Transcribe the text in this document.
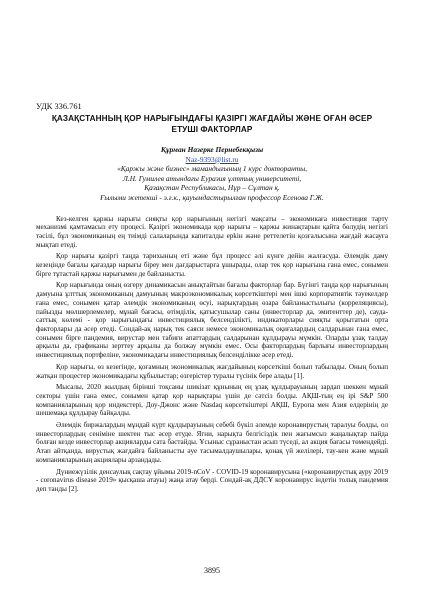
УДК 336.761
ҚАЗАҚСТАННЫҢ ҚОР НАРЫҒЫНДАҒЫ ҚАЗІРГІ ЖАҒДАЙЫ ЖӘНЕ ОҒАН ӘСЕР
ЕТУШІ ФАКТОРЛАР
Құрман Назерке Пернебекқызы
Naz-9393@list.ru
«Қаржы және бизнес» мамандығының 1 курс докторанты,
Л.Н. Гумилев атындағы Еуразия ұлттық университеті,
Қазақстан Республикасы, Нұр – Сұлтан қ.
Ғылыми жетекші - э.ғ.к., қауымдастырылған профессор Есенова Г.Ж.

Кез-келген қаржы нарығы сияқты қор нарығының негізгі мақсаты – экономикаға инвестиция тарту механизмі қамтамасыз ету процесі. Қазіргі экономикада қор нарығы – қаржы жинақтарын қайта бөлудің негізгі тәсілі, бұл экономиканың ең тиімді салаларында капиталды ерkін және реттелетін қозғалысына жағдай жасауға мықтап етеді.

Қор нарығы қазіргі таңда тарихының еті және бұл процесс әлі күнге дейін жалғасуда. Әлемдік даму кезеңінде бағалы қағаздар нарығы біреу мен дағдарыстарға ұшырады, олар тек қор нарығына ғана емес, сонымен бірге тұтастай қаржы нарығымен де байланысты.

Қор нарығында оның өзгеру динамикасын анықтайтын бағалы факторлар бар. Бүгінгі таңда қор нарығының дамуына ұлттық экономиканың дамуының макроэкономикалық көрсеткіштері мен ішкі корпоративтік тәуекелдер ғана емес, сонымен қатар әлемдік экономиканың өсуі, нарықтардың өзара байланыстылығы (корреляциясы), пайызды мөлшерлемелер, мұнай бағасы, өтімділік, қатысушылар саны (инвесторлар да, эмитенттер де), сауда-саттық көлемі - қор нарығындағы инвестициялық белсенділікті, индикаторлары сияқты қорытатын орта факторлары да әсер етеді. Сондай-ақ нарық тек саяси немесе экономикалық оқиғалардың салдарынан ғана емес, сонымен бірге пандемия, вирустар мен табиғи апаттардың салдарынан құлдырауы мүмкін. Оларды ұзақ талдау арқылы да, графиканы зерттеу арқылы да болжау мүмкін емес. Осы факторлардың барлығы инвесторлардың инвестициялық портфеліне, экономикадағы инвестициялық белсенділікке әсер етеді.

Қор нарығы, өз кезегінде, қоғамның экономикалық жағдайының көрсеткіші болып табылады. Оның болып жатқан процестер экономикадағы құбылыстар; өзгерістер туралы түсінік бере алады [1].

Мысалы, 2020 жылдың бірінші тоқсаны шикізат құнының ең ұзақ құлдырауының зардап шеккен мұнай секторы үшін ғана емес, сонымен қатар қор нарықтары үшін де сәтсіз болды. АҚШ-тың ең ірі S&P 500 компанияларының қор индекстері, Доу-Джонс және Nasdaq көрсеткіштері АҚШ, Еуропа мен Азия елдерінің де шешемақа құлдырау байқалды.

Әлемдік биржалардың мұндай күрт құлдырауының себебі бүкіл әлемде коронавирустың таралуы болды, ол инвесторлардың сеніміне шектен тыс әсер етуде. Ягни, нарықта белгісіздік пен жағымсыз жаңалықтар пайда болған кезде инвесторлар акцияларды сата бастайды. Ұсыныс сұраныстан асып түседі, ал акция бағасы төмендейді. Атап айтқанда, вирустық жағдайға байланысты әуе тасымалдаушылары, қонақ үй желілері, тау-кен және мұнай компанияларының акциялары арзандады.

Дүниежүзілік денсаулық сақтау ұйымы 2019-nCoV - COVID-19 коронавирусына («коронавирустық ауру 2019 - coronavirus disease 2019» қысқаша атауы) жаңа атау берді. Сондай-ақ ДДСҰ коронавирус індетін толық пандемия деп танды [2].

3895
